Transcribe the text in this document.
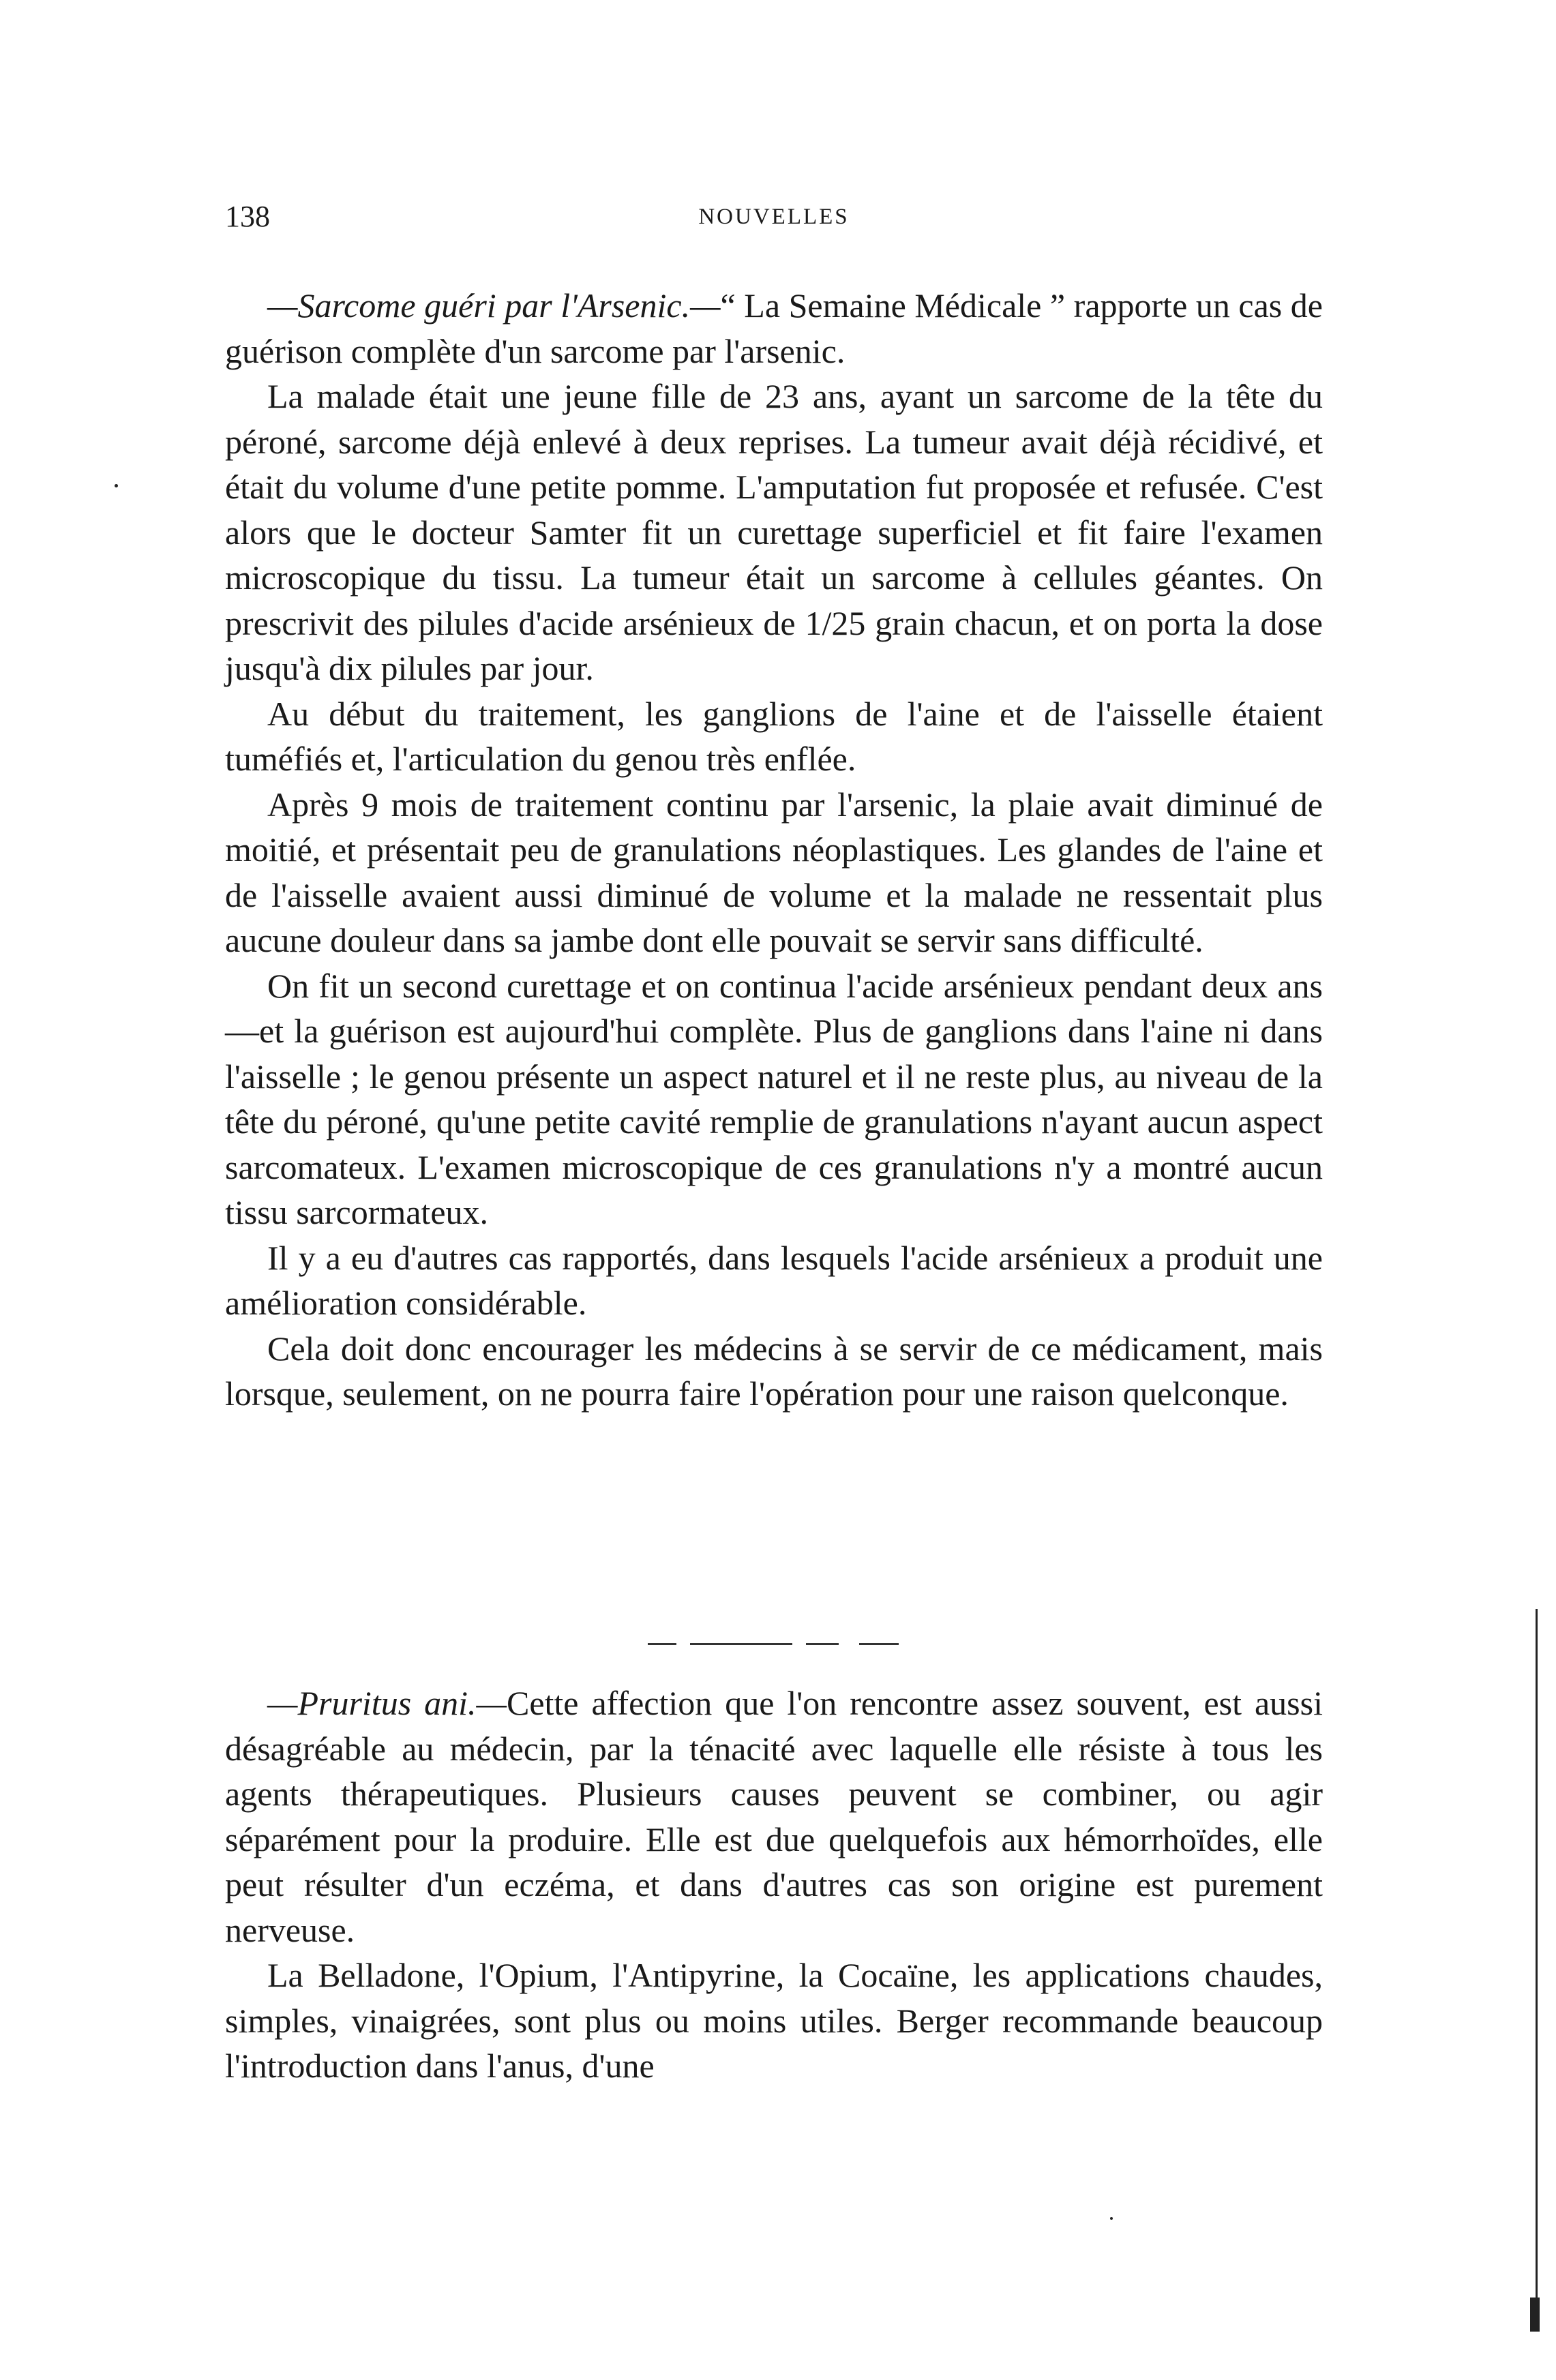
138	NOUVELLES

—Sarcome guéri par l'Arsenic.—“ La Semaine Médicale ” rapporte un cas de guérison complète d'un sarcome par l'arsenic.

La malade était une jeune fille de 23 ans, ayant un sarcome de la tête du péroné, sarcome déjà enlevé à deux reprises. La tumeur avait déjà récidivé, et était du volume d'une petite pomme. L'amputation fut proposée et refusée. C'est alors que le docteur Samter fit un curettage superficiel et fit faire l'examen microscopique du tissu. La tumeur était un sarcome à cellules géantes. On prescrivit des pilules d'acide arsénieux de 1/25 grain chacun, et on porta la dose jusqu'à dix pilules par jour.

Au début du traitement, les ganglions de l'aine et de l'aisselle étaient tuméfiés et, l'articulation du genou très enflée.

Après 9 mois de traitement continu par l'arsenic, la plaie avait diminué de moitié, et présentait peu de granulations néoplastiques. Les glandes de l'aine et de l'aisselle avaient aussi diminué de volume et la malade ne ressentait plus aucune douleur dans sa jambe dont elle pouvait se servir sans difficulté.

On fit un second curettage et on continua l'acide arsénieux pendant deux ans—et la guérison est aujourd'hui complète. Plus de ganglions dans l'aine ni dans l'aisselle ; le genou présente un aspect naturel et il ne reste plus, au niveau de la tête du péroné, qu'une petite cavité remplie de granulations n'ayant aucun aspect sarcomateux. L'examen microscopique de ces granulations n'y a montré aucun tissu sarcormateux.

Il y a eu d'autres cas rapportés, dans lesquels l'acide arsénieux a produit une amélioration considérable.

Cela doit donc encourager les médecins à se servir de ce médicament, mais lorsque, seulement, on ne pourra faire l'opération pour une raison quelconque.

—Pruritus ani.—Cette affection que l'on rencontre assez souvent, est aussi désagréable au médecin, par la ténacité avec laquelle elle résiste à tous les agents thérapeutiques. Plusieurs causes peuvent se combiner, ou agir séparément pour la produire. Elle est due quelquefois aux hémorrhoïdes, elle peut résulter d'un eczéma, et dans d'autres cas son origine est purement nerveuse.

La Belladone, l'Opium, l'Antipyrine, la Cocaïne, les applications chaudes, simples, vinaigrées, sont plus ou moins utiles. Berger recommande beaucoup l'introduction dans l'anus, d'une
